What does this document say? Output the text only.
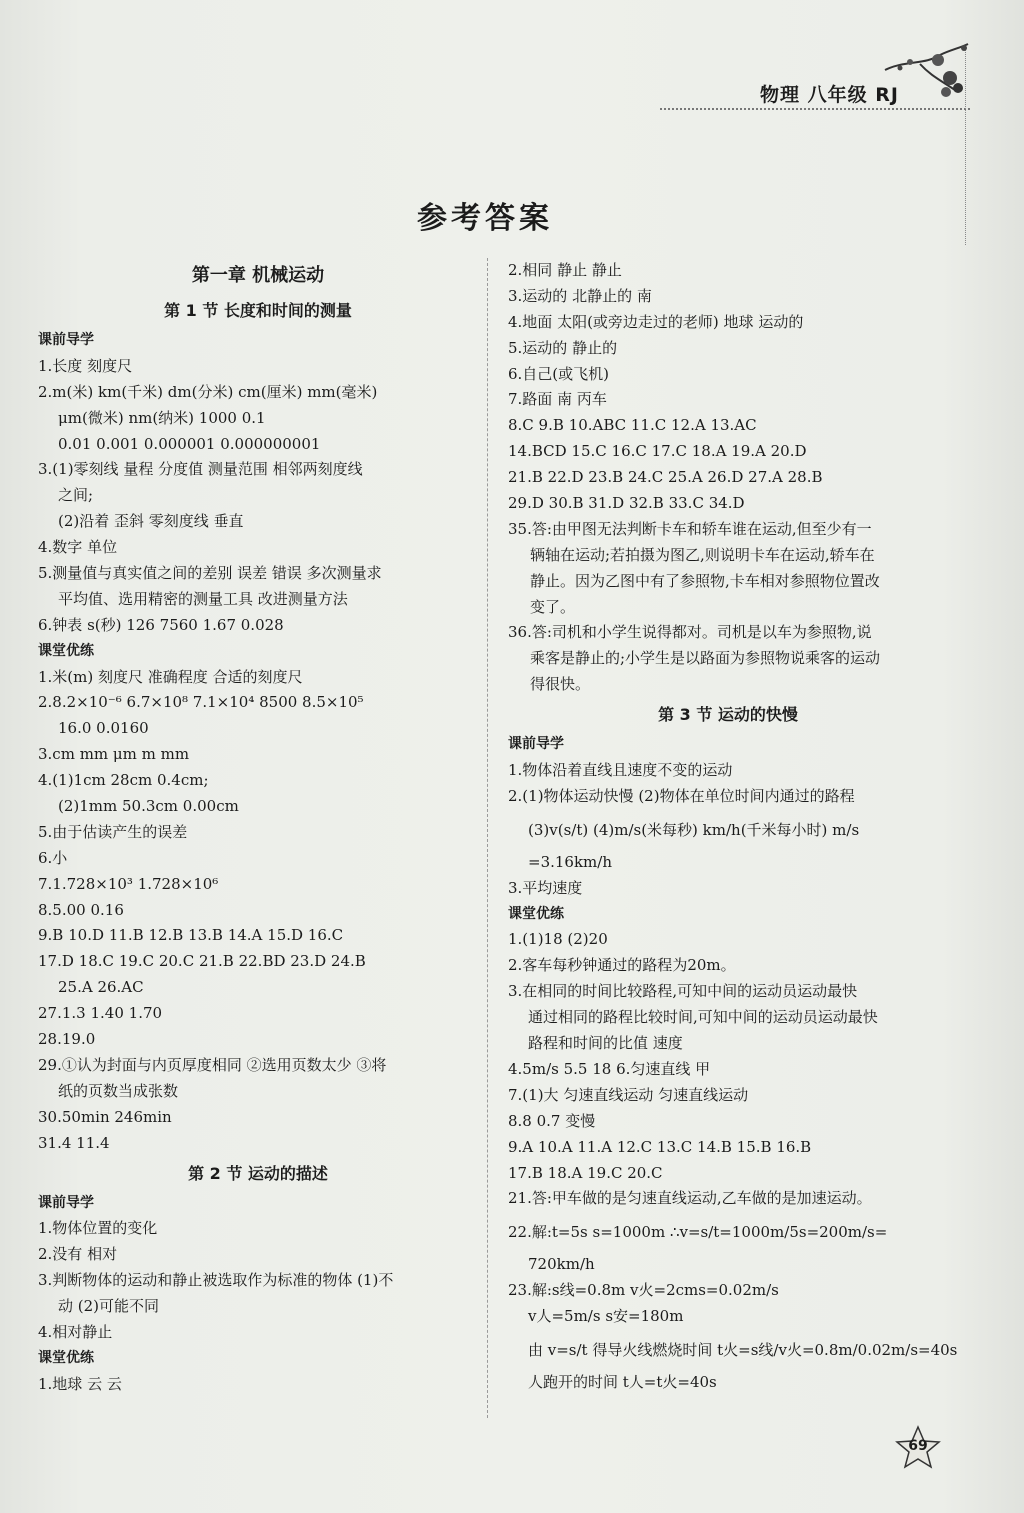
物理 八年级 RJ
参考答案
第一章 机械运动
第 1 节 长度和时间的测量
课前导学
1.长度 刻度尺
2.m(米) km(千米) dm(分米) cm(厘米) mm(毫米)
μm(微米) nm(纳米) 1000 0.1
0.01 0.001 0.000001 0.000000001
3.(1)零刻线 量程 分度值 测量范围 相邻两刻度线
之间;
(2)沿着 歪斜 零刻度线 垂直
4.数字 单位
5.测量值与真实值之间的差别 误差 错误 多次测量求
平均值、选用精密的测量工具 改进测量方法
6.钟表 s(秒) 126 7560 1.67 0.028
课堂优练
1.米(m) 刻度尺 准确程度 合适的刻度尺
2.8.2×10⁻⁶ 6.7×10⁸ 7.1×10⁴ 8500 8.5×10⁵
16.0 0.0160
3.cm mm μm m mm
4.(1)1cm 28cm 0.4cm;
(2)1mm 50.3cm 0.00cm
5.由于估读产生的误差
6.小
7.1.728×10³ 1.728×10⁶
8.5.00 0.16
9.B 10.D 11.B 12.B 13.B 14.A 15.D 16.C
17.D 18.C 19.C 20.C 21.B 22.BD 23.D 24.B
25.A 26.AC
27.1.3 1.40 1.70
28.19.0
29.①认为封面与内页厚度相同 ②选用页数太少 ③将
纸的页数当成张数
30.50min 246min
31.4 11.4
第 2 节 运动的描述
课前导学
1.物体位置的变化
2.没有 相对
3.判断物体的运动和静止被选取作为标准的物体 (1)不
动 (2)可能不同
4.相对静止
课堂优练
1.地球 云 云
2.相同 静止 静止
3.运动的 北静止的 南
4.地面 太阳(或旁边走过的老师) 地球 运动的
5.运动的 静止的
6.自己(或飞机)
7.路面 南 丙车
8.C 9.B 10.ABC 11.C 12.A 13.AC
14.BCD 15.C 16.C 17.C 18.A 19.A 20.D
21.B 22.D 23.B 24.C 25.A 26.D 27.A 28.B
29.D 30.B 31.D 32.B 33.C 34.D
35.答:由甲图无法判断卡车和轿车谁在运动,但至少有一
辆轴在运动;若拍摄为图乙,则说明卡车在运动,轿车在
静止。因为乙图中有了参照物,卡车相对参照物位置改
变了。
36.答:司机和小学生说得都对。司机是以车为参照物,说
乘客是静止的;小学生是以路面为参照物说乘客的运动
得很快。
第 3 节 运动的快慢
课前导学
1.物体沿着直线且速度不变的运动
2.(1)物体运动快慢 (2)物体在单位时间内通过的路程
(3)v(s/t) (4)m/s(米每秒) km/h(千米每小时) m/s
=3.16km/h
3.平均速度
课堂优练
1.(1)18 (2)20
2.客车每秒钟通过的路程为20m。
3.在相同的时间比较路程,可知中间的运动员运动最快
通过相同的路程比较时间,可知中间的运动员运动最快
路程和时间的比值 速度
4.5m/s 5.5 18 6.匀速直线 甲
7.(1)大 匀速直线运动 匀速直线运动
8.8 0.7 变慢
9.A 10.A 11.A 12.C 13.C 14.B 15.B 16.B
17.B 18.A 19.C 20.C
21.答:甲车做的是匀速直线运动,乙车做的是加速运动。
22.解:t=5s s=1000m ∴v=s/t=1000m/5s=200m/s=
720km/h
23.解:s线=0.8m v火=2cms=0.02m/s
v人=5m/s s安=180m
由 v=s/t 得导火线燃烧时间 t火=s线/v火=0.8m/0.02m/s=40s
人跑开的时间 t人=t火=40s
69
